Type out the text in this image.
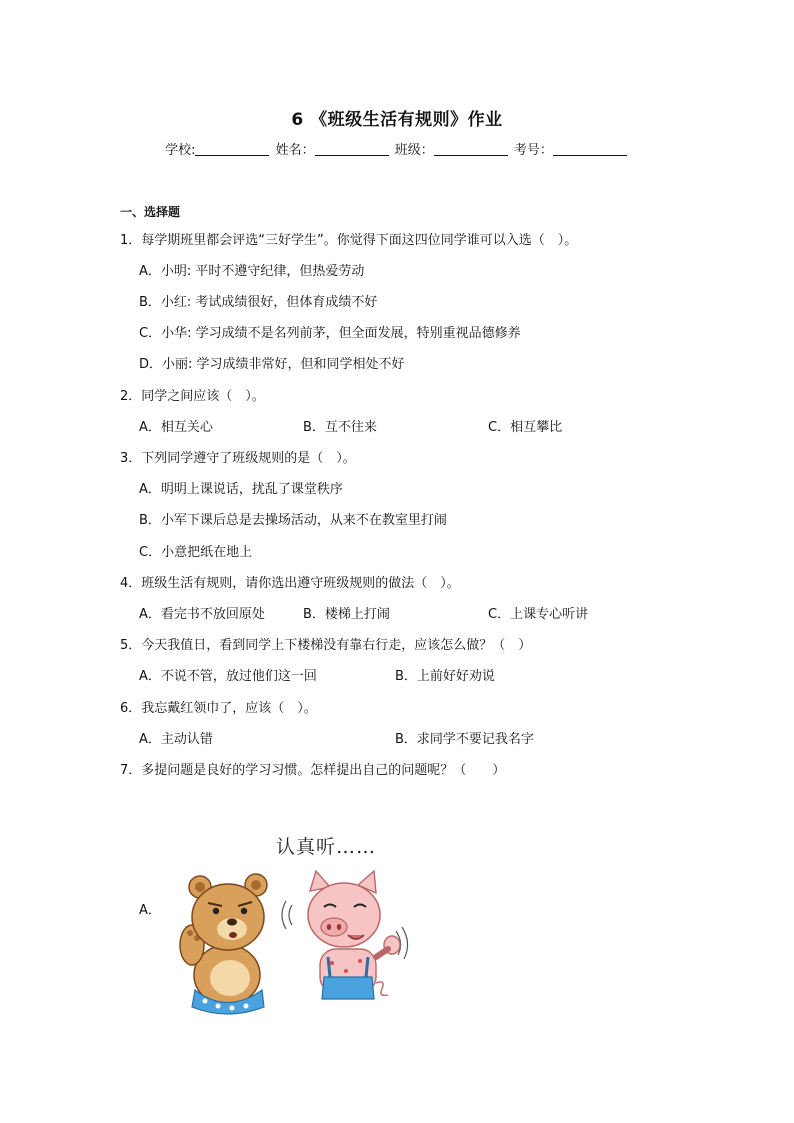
6 《班级生活有规则》作业
学校:	姓名：	班级：	考号：
一、选择题
1．每学期班里都会评选“三好学生”。你觉得下面这四位同学谁可以入选（　）。
A．小明: 平时不遵守纪律，但热爱劳动
B．小红: 考试成绩很好，但体育成绩不好
C．小华: 学习成绩不是名列前茅，但全面发展，特别重视品德修养
D．小丽: 学习成绩非常好，但和同学相处不好
2．同学之间应该（　）。
A．相互关心	B．互不往来	C．相互攀比
3．下列同学遵守了班级规则的是（　）。
A．明明上课说话，扰乱了课堂秩序
B．小军下课后总是去操场活动，从来不在教室里打闹
C．小意把纸在地上
4．班级生活有规则，请你选出遵守班级规则的做法（　）。
A．看完书不放回原处	B．楼梯上打闹	C．上课专心听讲
5．今天我值日，看到同学上下楼梯没有靠右行走，应该怎么做？（　）
A．不说不管，放过他们这一回	B．上前好好劝说
6．我忘戴红领巾了，应该（　）。
A．主动认错	B．求同学不要记我名字
7．多提问题是良好的学习习惯。怎样提出自己的问题呢？（　　）
认真听……
A．
